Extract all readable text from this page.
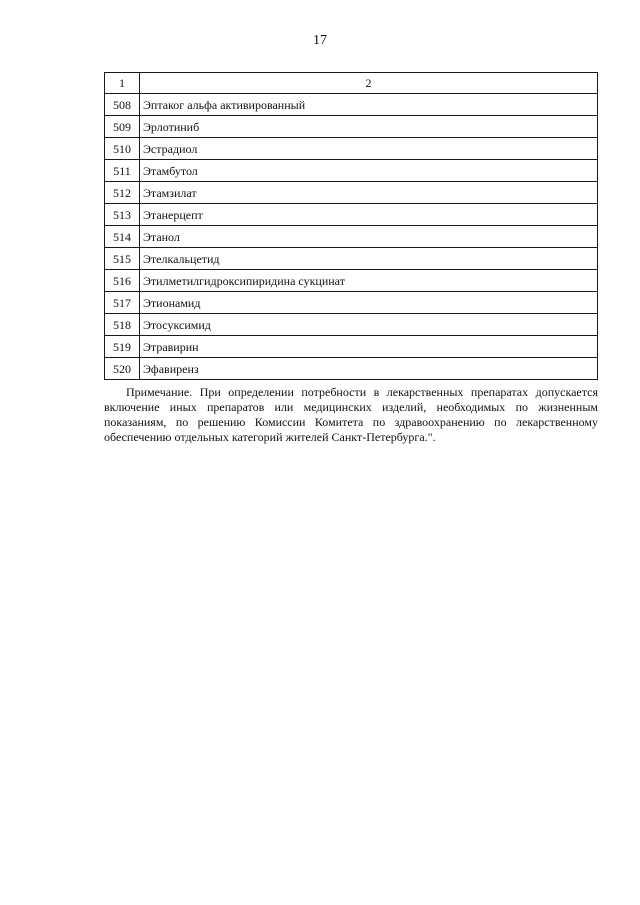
17
1	2
508	Эптаког альфа активированный
509	Эрлотиниб
510	Эстрадиол
511	Этамбутол
512	Этамзилат
513	Этанерцепт
514	Этанол
515	Этелкальцетид
516	Этилметилгидроксипиридина сукцинат
517	Этионамид
518	Этосуксимид
519	Этравирин
520	Эфавиренз

Примечание. При определении потребности в лекарственных препаратах допускается включение иных препаратов или медицинских изделий, необходимых по жизненным показаниям, по решению Комиссии Комитета по здравоохранению по лекарственному обеспечению отдельных категорий жителей Санкт-Петербурга.".
